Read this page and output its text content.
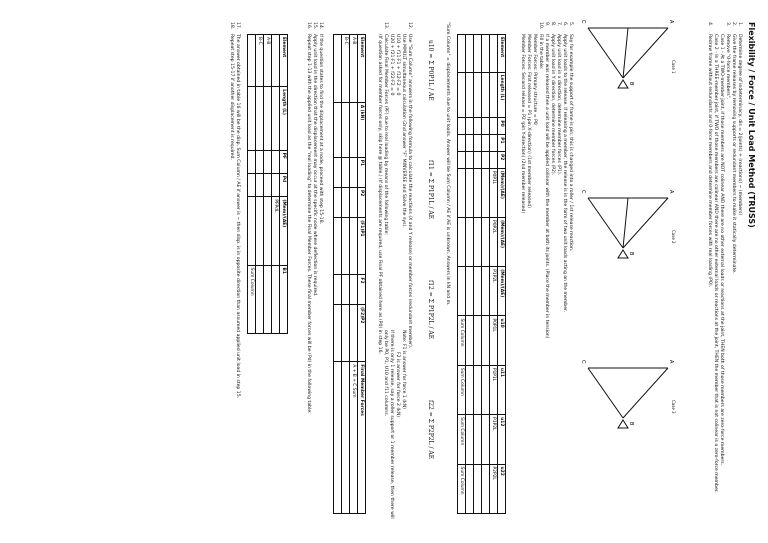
Flexibility / Force / Unit Load Method (TRUSS)
1.Determine degree of indeterminacy, dis = 2(joints) + (reactions) − (members)
2.Give the frame releases by removing supports or redundant members to make it statically determinate.
3.Remove "0-force members".
Case 1 - At a TWO-member joint, if those members are NOT colinear AND there are no other external loads or reactions at the joint, THEN both of those members are zero-force members.
Case 2 - In a THREE-member joint, if TWO of those members are colinear AND there are no other external loads or reactions at the joint, THEN the member that is not colinear is a zero-force member.
4.Redraw frame without redundants and 0-force members and determine member forces with real loading (P0).
A
C
B
A
C
B
A
C
B
Case 1
Case 2
Case 3
5.Say for example the support of frame is pin; this is changed into a roller / 1st release reaction.
6.Apply unit loads to the release. If releasing a member, the release is in the form of two unit loads acting on the member.
7.Apply unit load in x direction, determine member forces (P1).
8.Apply unit load in Y direction, determine member forces (P2).
9.If a member was released then a unit load will be applied colinear with the member at both its joints. (Place the member in tension)
10.Fill in the table:
Member Forces: Primary structure = P0
Member Forces: First released = P1 (pin X-direction) (1st member released)
Member Forces: Second release = P2 (pin Y-direction) (2nd member released)
Element	Length (L)	P0	P1	P2	(Mem)/(AE)	(Mem)/(AE)	(Mem)/(AE)	u10	u11	u12	u22
					P0P1L	P0P2L	P1P2L	P0P1L	P1P1L	P1P2L	P2P2L

								Sum Column	Sum Column	Sum Column	Sum Column
"Sum Column" = displacements due to unit loads. Answer will be Sum Column / AE if AE is unknown. Answers in kN and m.
u10 = Σ P0P1L / AE
f11 = Σ P1P1L / AE
f12 = Σ P1P2L / AE
f22 = Σ P2P2L / AE
12.Use "Sum Column" answers in the following formula to calculate the reactions (X and Y release) or member forces (redundant member).
Use MMULT simultaneous calculation (2nd answer "F" MINVERSE and Solve the sys).
U10 + f11·F1 + f12·F2 = 0
U20 + f21·F1 + f22·F2 = 0
13.Calculate Final Member Forces (PF) due to real loading by means of the following table:
(If question asked for member forces only, skip here @ table.) (If displacements are required, use Final PF obtained here as (P0) in step 16.
Note: F1 is answer for force 1 (kN)
F2 is answer for force 2 (kN)
If there is only 1 release, say a roller support or 1 member release, then there will only be P0, P1, U10 and f11 columns.
Element	A (kN)	P1	P2	(F1)P1	F2	(F2)P2	Final Member Forces
A-B							A + B + C Sum
B-C							

14.If the question states to find the displacement at a node, proceed with step 15-18.
15.Apply unit load in the direction that the displacement may occur at the specific node where deflection is required.
16.Repeat step 1-13 with the applied unit load as the "real loading" to determine the Final Member Forces. These final member forces will be (Pd) in the following table:
Element	Length (L)	PF	Pd	(Mem)/(AE)	B1
				PFPdL	
A-B					
B-C					
					Sum Column
17.The answer obtained in table 16 will be the disp. Sum Column / AE if answer is − then disp. is in opposite direction than assumed applied unit load in step 15.
18.Repeat step 15-17 if another displacement is required.
